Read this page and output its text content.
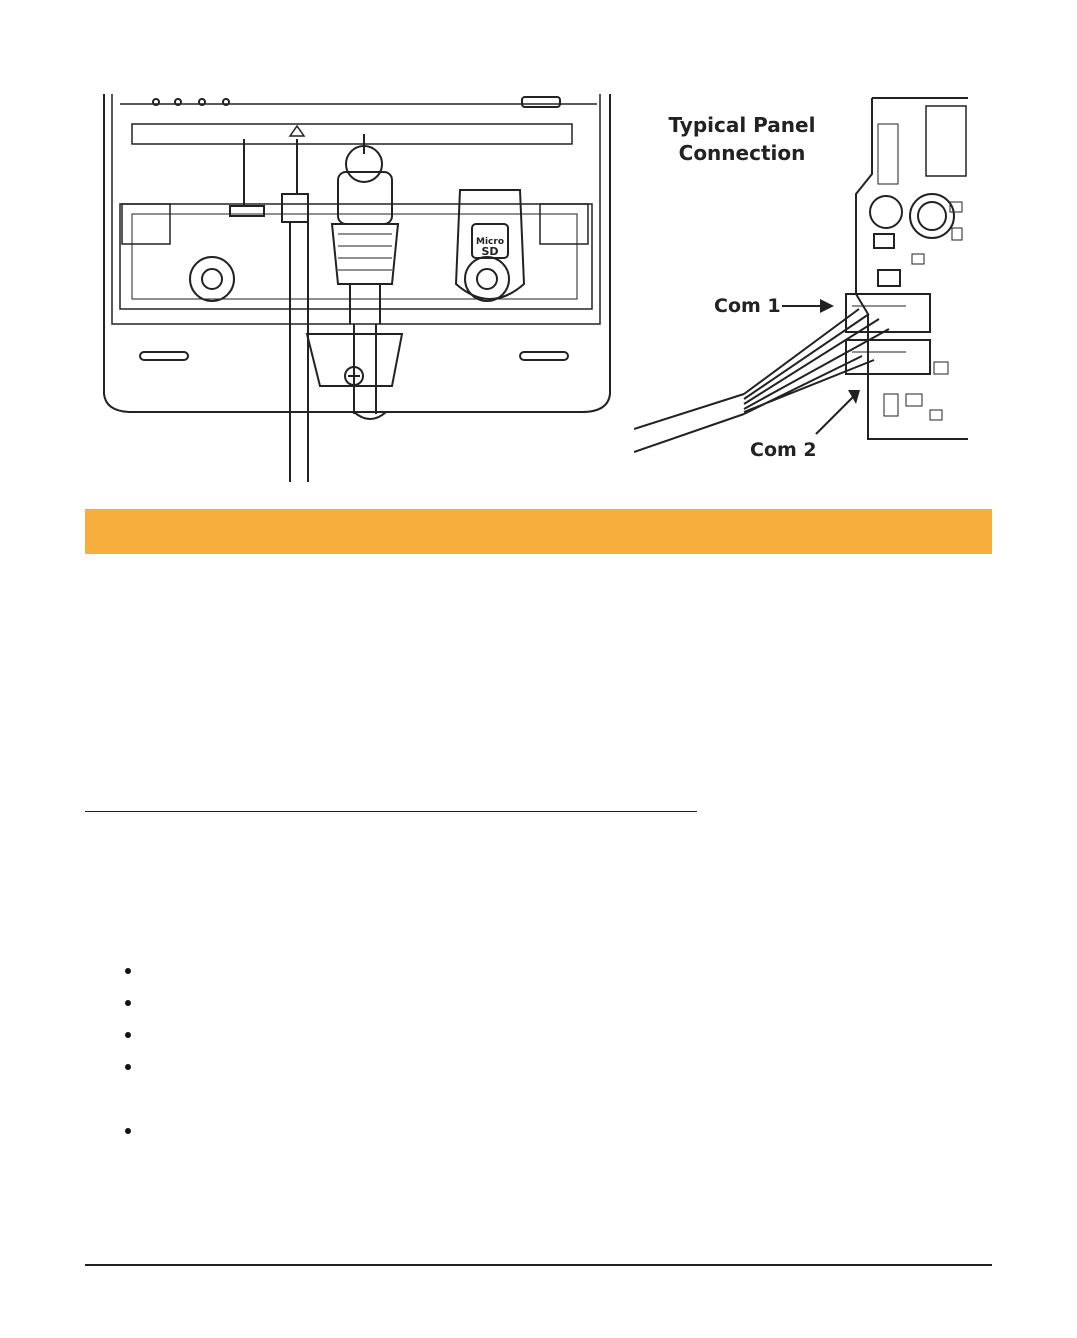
Micro
SD
Typical Panel
Connection
Com 1
Com 2
